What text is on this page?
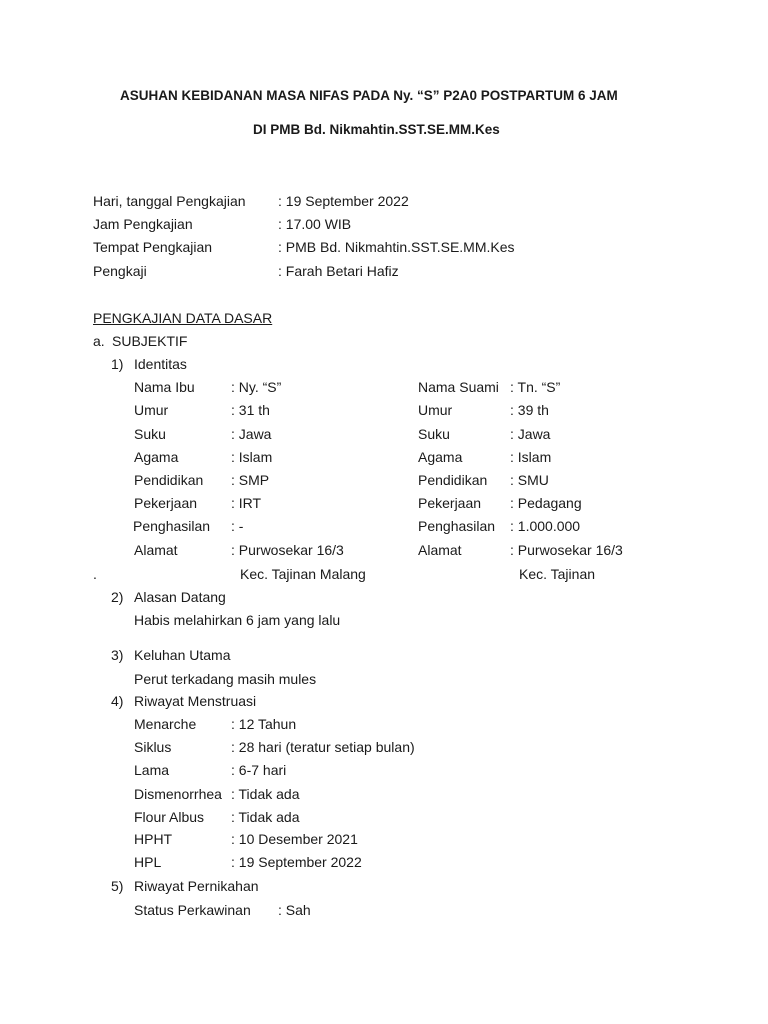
ASUHAN KEBIDANAN MASA NIFAS PADA Ny. “S” P2A0 POSTPARTUM 6 JAM
DI PMB Bd. Nikmahtin.SST.SE.MM.Kes
Hari, tanggal Pengkajian : 19 September 2022
Jam Pengkajian	: 17.00 WIB
Tempat Pengkajian	: PMB Bd. Nikmahtin.SST.SE.MM.Kes
Pengkaji	: Farah Betari Hafiz
PENGKAJIAN DATA DASAR
a. SUBJEKTIF
1) Identitas
Nama Ibu	: Ny. “S”	Nama Suami : Tn. “S”
Umur	: 31 th	Umur	: 39 th
Suku	: Jawa	Suku	: Jawa
Agama	: Islam	Agama	: Islam
Pendidikan : SMP	Pendidikan : SMU
Pekerjaan : IRT	Pekerjaan : Pedagang
Penghasilan : -	Penghasilan : 1.000.000
Alamat	: Purwosekar 16/3	Alamat	: Purwosekar 16/3
.	Kec. Tajinan Malang	Kec. Tajinan
2) Alasan Datang
Habis melahirkan 6 jam yang lalu
3) Keluhan Utama
Perut terkadang masih mules
4) Riwayat Menstruasi
Menarche : 12 Tahun
Siklus	: 28 hari (teratur setiap bulan)
Lama	: 6-7 hari
Dismenorrhea : Tidak ada
Flour Albus : Tidak ada
HPHT	: 10 Desember 2021
HPL	: 19 September 2022
5) Riwayat Pernikahan
Status Perkawinan : Sah
